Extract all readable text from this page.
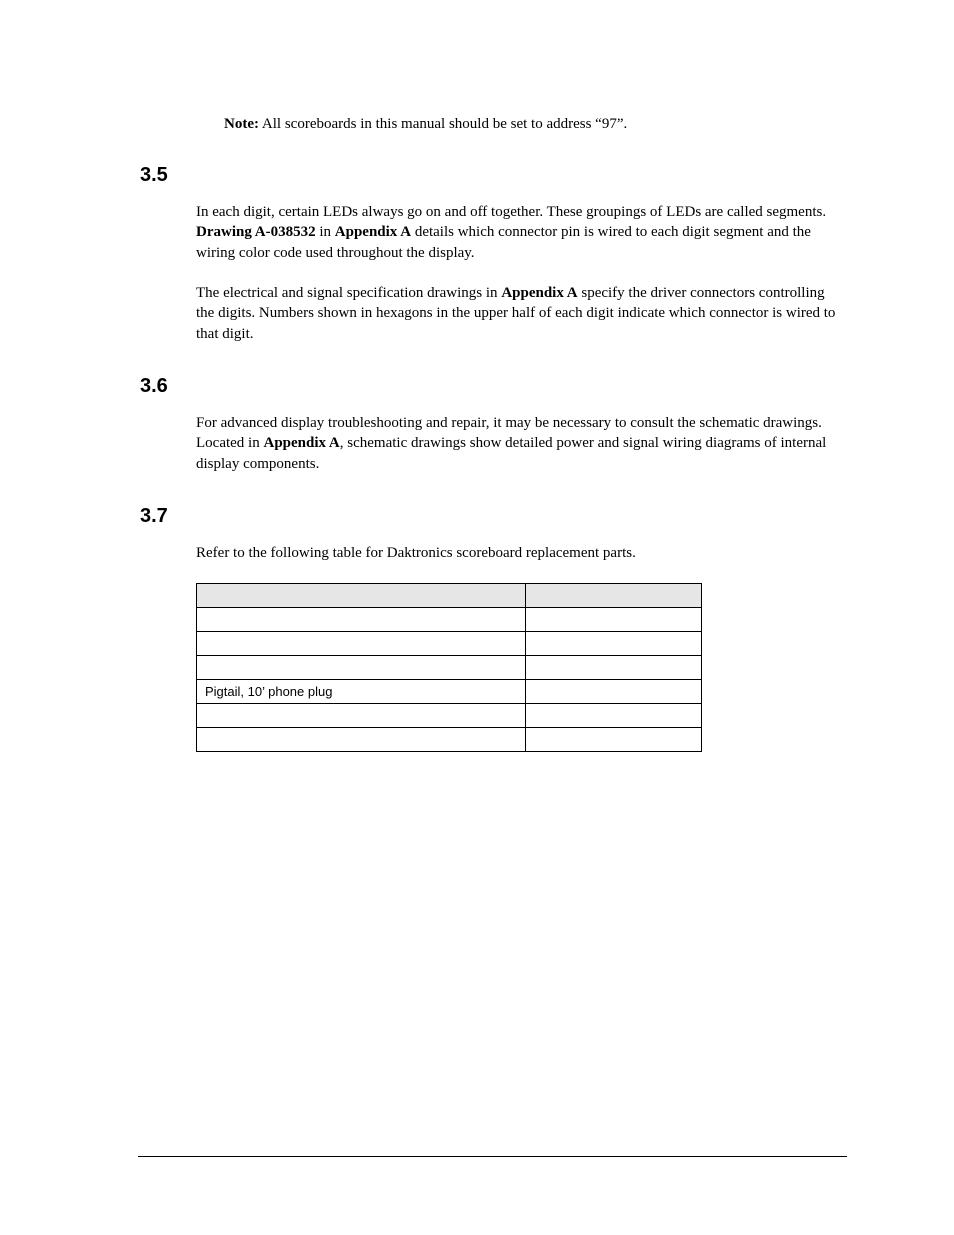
Note: All scoreboards in this manual should be set to address “97”.
3.5
In each digit, certain LEDs always go on and off together. These groupings of LEDs are called segments. Drawing A-038532 in Appendix A details which connector pin is wired to each digit segment and the wiring color code used throughout the display.
The electrical and signal specification drawings in Appendix A specify the driver connectors controlling the digits. Numbers shown in hexagons in the upper half of each digit indicate which connector is wired to that digit.
3.6
For advanced display troubleshooting and repair, it may be necessary to consult the schematic drawings. Located in Appendix A, schematic drawings show detailed power and signal wiring diagrams of internal display components.
3.7
Refer to the following table for Daktronics scoreboard replacement parts.

Pigtail, 10’ phone plug	
